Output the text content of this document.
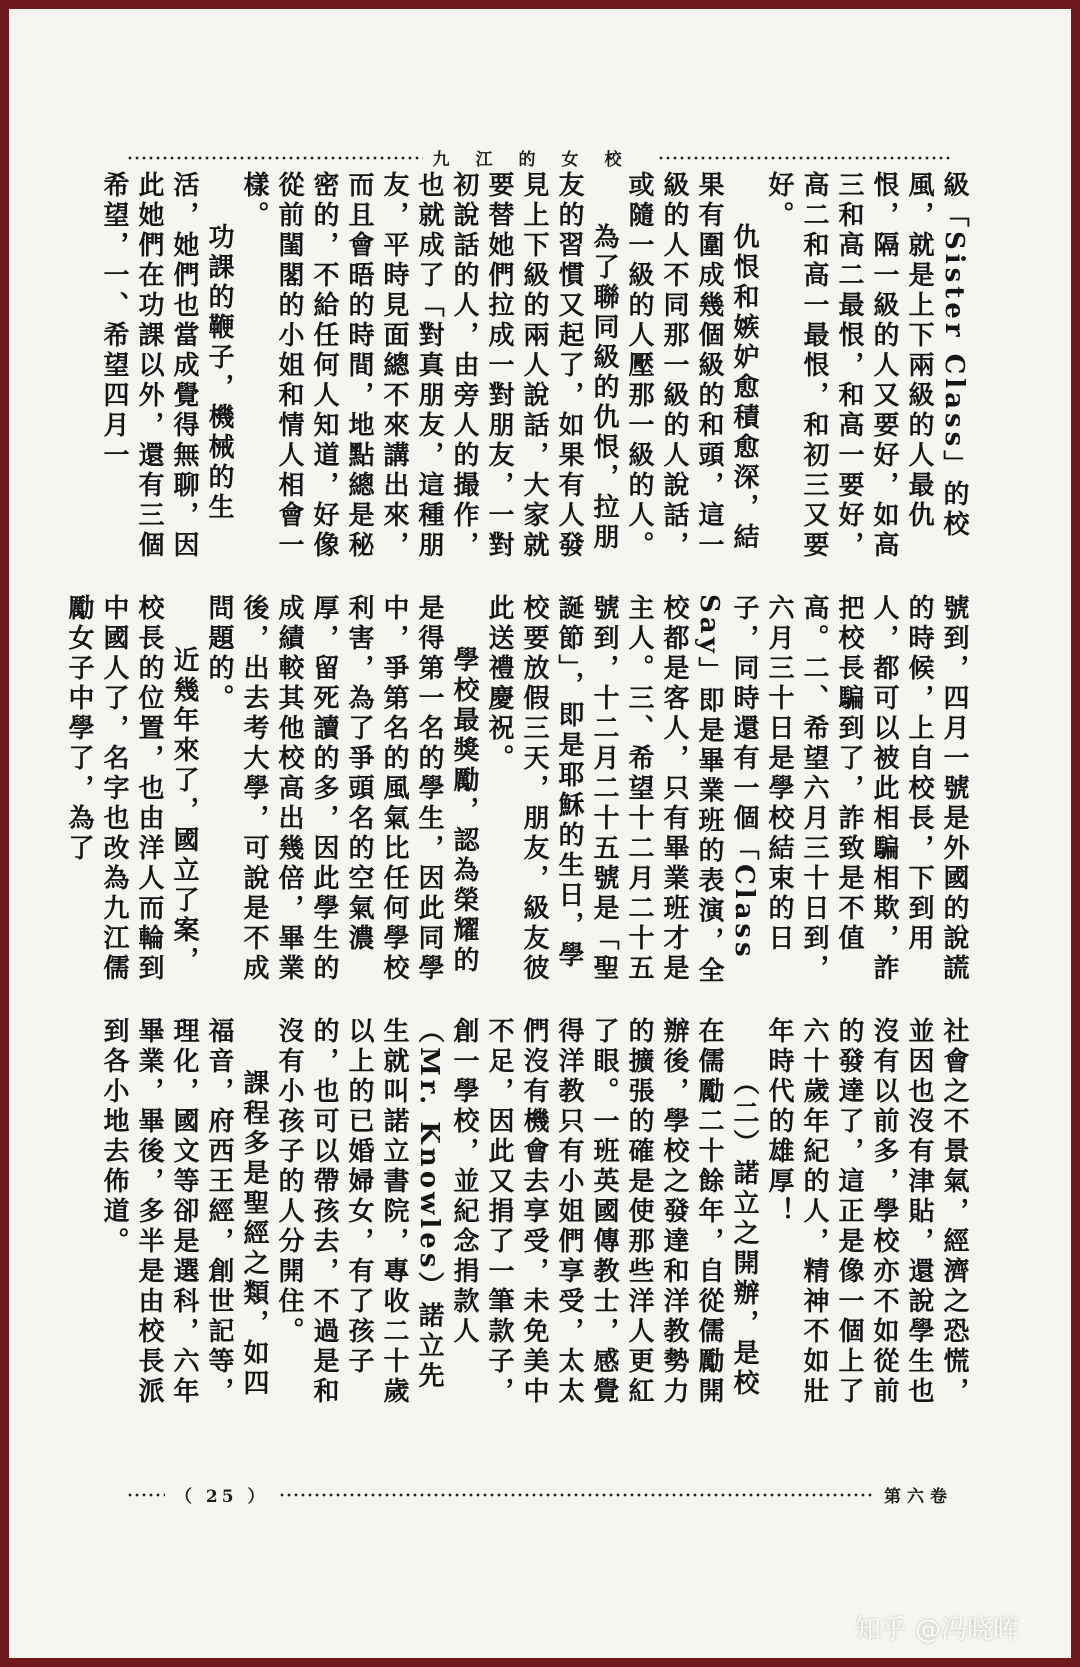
九江的女校

級「Sister Class」的校風，就是上下兩級的人最仇恨，隔一級的人又要好，如高三和高二最恨，和高一要好，高二和高一最恨，和初三又要好。

仇恨和嫉妒愈積愈深，結果有圍成幾個級的和頭，這一級的人不同那一級的人說話，或隨一級的人壓那一級的人。

為了聯同級的仇恨，拉朋友的習慣又起了，如果有人發見上下級的兩人說話，大家就要替她們拉成一對朋友，一對初說話的人，由旁人的撮作，也就成了「對真朋友，這種朋友，平時見面總不來講出來，而且會晤的時間，地點總是秘密的，不給任何人知道，好像從前閨閣的小姐和情人相會一樣。

功課的鞭子，機械的生活，她們也當成覺得無聊，因此她們在功課以外，還有三個希望，一、希望四月一

號到，四月一號是外國的說謊的時候，上自校長，下到用人，都可以被此相騙相欺，詐把校長騙到了，詐致是不值高。二、希望六月三十日到，六月三十日是學校結束的日子，同時還有一個「Class Say」即是畢業班的表演，全校都是客人，只有畢業班才是主人。三、希望十二月二十五號到，十二月二十五號是「聖誕節」，即是耶穌的生日，學校要放假三天，朋友，級友彼此送禮慶祝。

學校最獎勵，認為榮耀的是得第一名的學生，因此同學中，爭第名的風氣比任何學校利害，為了爭頭名的空氣濃厚，留死讀的多，因此學生的成績較其他校高出幾倍，畢業後，出去考大學，可說是不成問題的。

近幾年來了，國立了案，校長的位置，也由洋人而輪到中國人了，名字也改為九江儒勵女子中學了，為了

社會之不景氣，經濟之恐慌，並因也沒有津貼，還說學生也沒有以前多，學校亦不如從前的發達了，這正是像一個上了六十歲年紀的人，精神不如壯年時代的雄厚！

（二）諾立之開辦，是校在儒勵二十餘年，自從儒勵開辦後，學校之發達和洋教勢力的擴張的確是使那些洋人更紅了眼。一班英國傳教士，感覺得洋教只有小姐們享受，太太們沒有機會去享受，未免美中不足，因此又捐了一筆款子，創一學校，並紀念捐款人（Mr. Knowles）諾立先生就叫諾立書院，專收二十歲以上的已婚婦女，有了孩子的，也可以帶孩去，不過是和沒有小孩子的人分開住。

課程多是聖經之類，如四福音，府西王經，創世記等，理化，國文等卻是選科，六年畢業，畢後，多半是由校長派到各小地去佈道。

第六卷
（ 25 ）
知乎 @冯晓晖
